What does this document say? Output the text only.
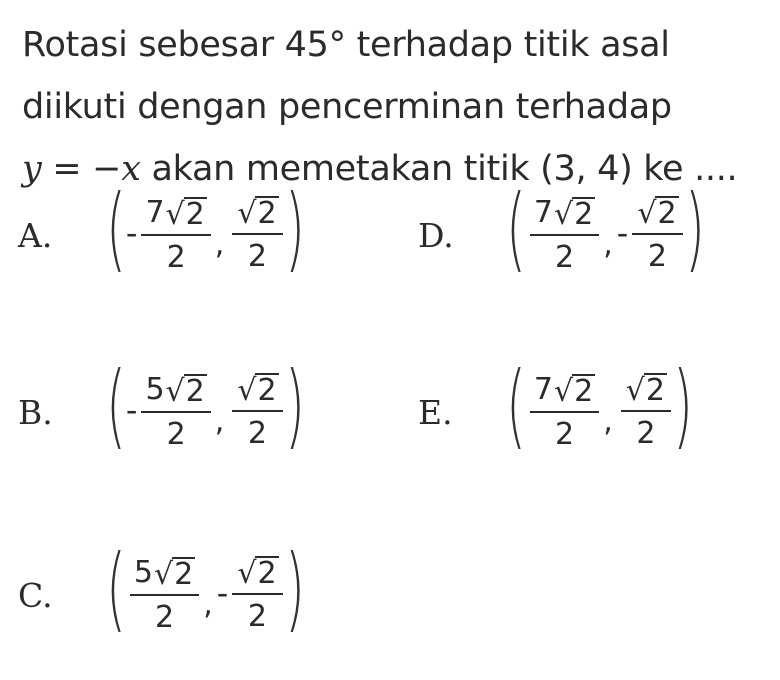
Rotasi sebesar 45° terhadap titik asal
diikuti dengan pencerminan terhadap
y = −x akan memetakan titik (3, 4) ke ....
A. ( - $\frac{7 √ 2}{2}$ , $\frac{√ 2}{2}$ )	D. ( $\frac{7 √ 2}{2}$ , - $\frac{√ 2}{2}$ )
B. ( - $\frac{5 √ 2}{2}$ , $\frac{√ 2}{2}$ )	E. ( $\frac{7 √ 2}{2}$ , $\frac{√ 2}{2}$ )
C. ( $\frac{5 √ 2}{2}$ , - $\frac{√ 2}{2}$ )
